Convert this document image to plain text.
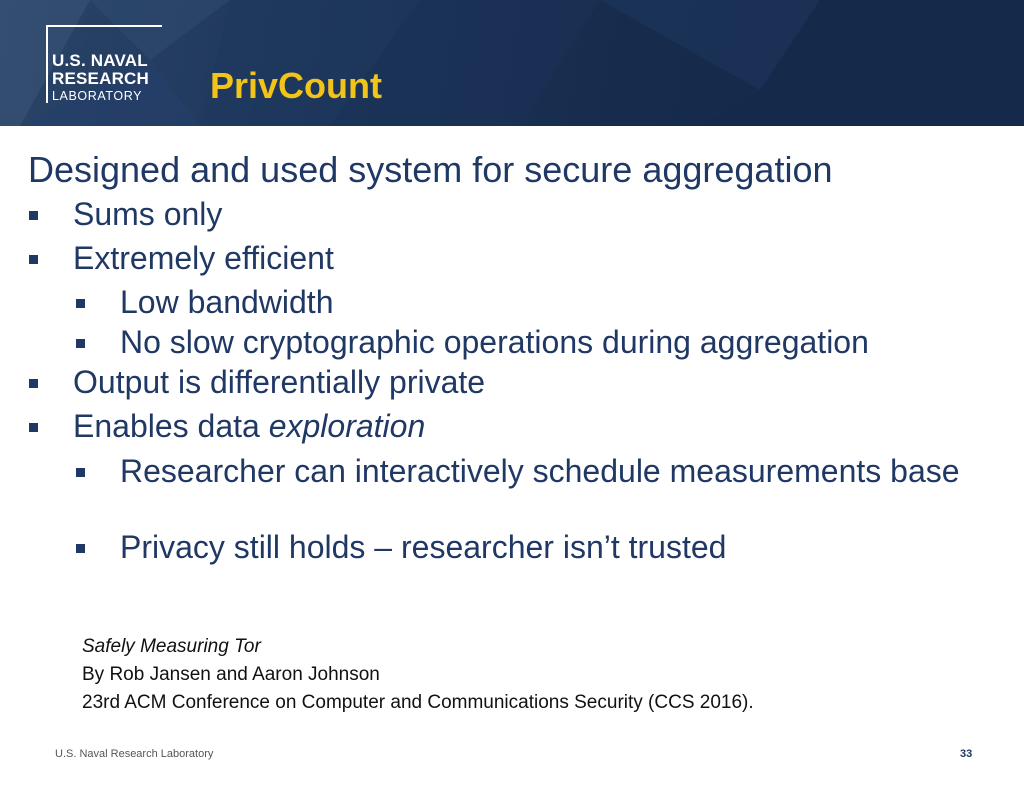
U.S. NAVAL
RESEARCH
LABORATORY PrivCount
Designed and used system for secure aggregation
Sums only
Extremely efficient
Low bandwidth
No slow cryptographic operations during aggregation
Output is differentially private
Enables data exploration
Researcher can interactively schedule measurements base
Privacy still holds – researcher isn’t trusted
Safely Measuring Tor
By Rob Jansen and Aaron Johnson
23rd ACM Conference on Computer and Communications Security (CCS 2016).
U.S. Naval Research Laboratory	33
